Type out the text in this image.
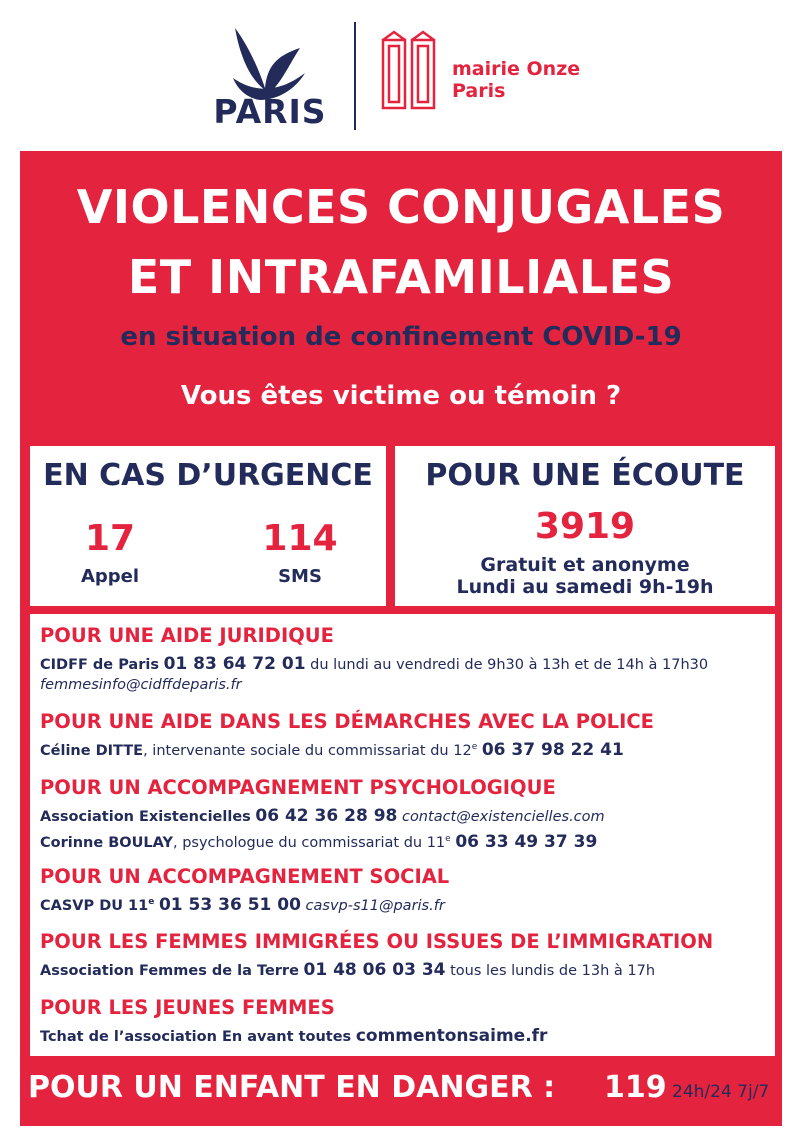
PARIS
mairie Onze
Paris
VIOLENCES CONJUGALES
ET INTRAFAMILIALES
en situation de confinement COVID-19
Vous êtes victime ou témoin ?
EN CAS D’URGENCE
17
Appel
114
SMS
POUR UNE ÉCOUTE
3919
Gratuit et anonyme
Lundi au samedi 9h-19h
POUR UNE AIDE JURIDIQUE
CIDFF de Paris 01 83 64 72 01 du lundi au vendredi de 9h30 à 13h et de 14h à 17h30
femmesinfo@cidffdeparis.fr
POUR UNE AIDE DANS LES DÉMARCHES AVEC LA POLICE
Céline DITTE, intervenante sociale du commissariat du 12e 06 37 98 22 41
POUR UN ACCOMPAGNEMENT PSYCHOLOGIQUE
Association Existencielles 06 42 36 28 98 contact@existencielles.com
Corinne BOULAY, psychologue du commissariat du 11e 06 33 49 37 39
POUR UN ACCOMPAGNEMENT SOCIAL
CASVP DU 11e 01 53 36 51 00 casvp-s11@paris.fr
POUR LES FEMMES IMMIGRÉES OU ISSUES DE L’IMMIGRATION
Association Femmes de la Terre 01 48 06 03 34 tous les lundis de 13h à 17h
POUR LES JEUNES FEMMES
Tchat de l’association En avant toutes commentonsaime.fr
POUR UN ENFANT EN DANGER : 119 24h/24 7j/7
